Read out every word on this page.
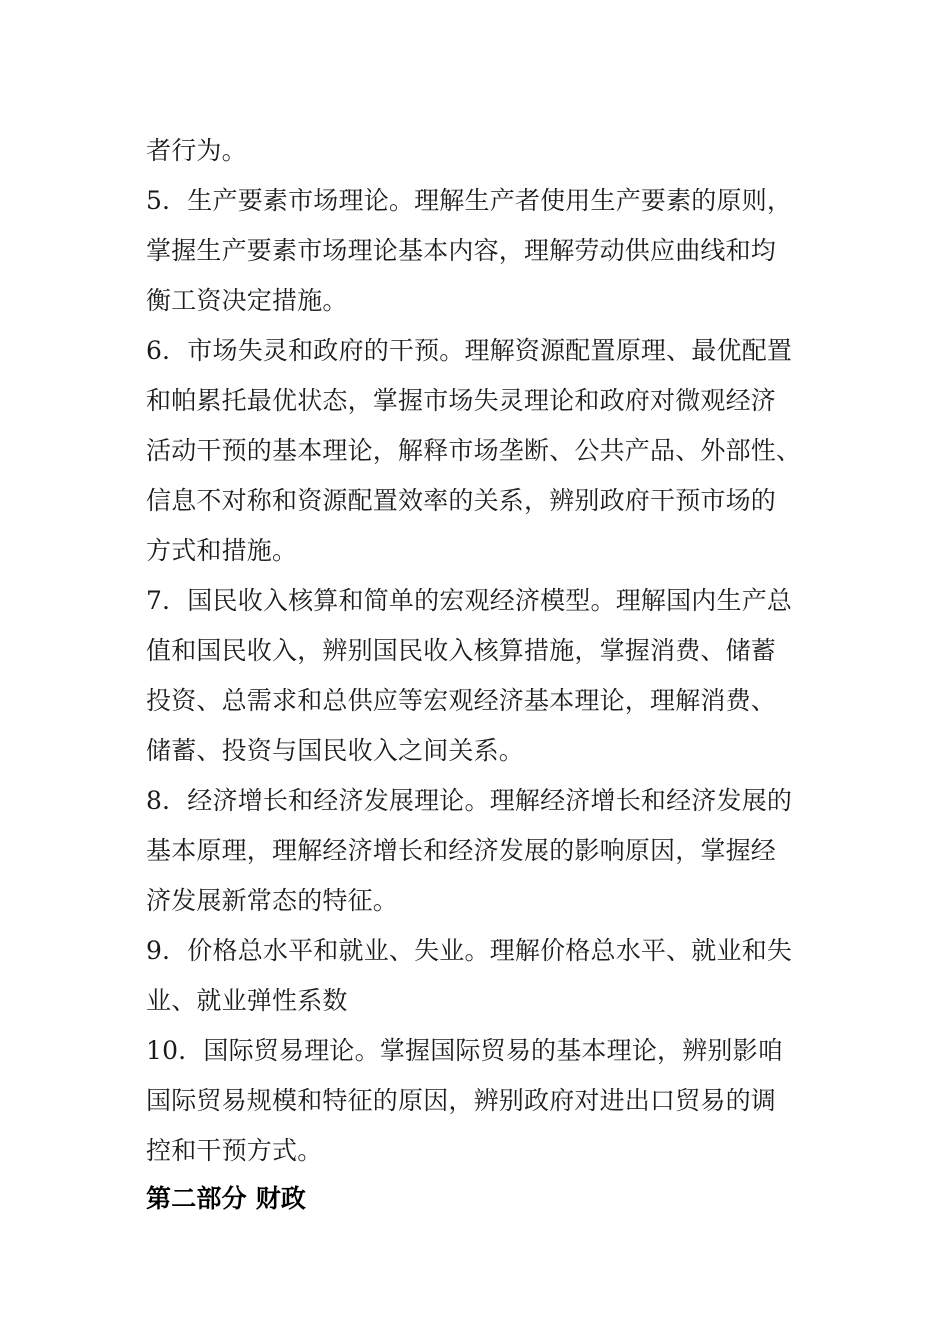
者行为。

5．生产要素市场理论。理解生产者使用生产要素的原则，

掌握生产要素市场理论基本内容，理解劳动供应曲线和均

衡工资决定措施。

6．市场失灵和政府的干预。理解资源配置原理、最优配置

和帕累托最优状态，掌握市场失灵理论和政府对微观经济

活动干预的基本理论，解释市场垄断、公共产品、外部性、

信息不对称和资源配置效率的关系，辨别政府干预市场的

方式和措施。

7．国民收入核算和简单的宏观经济模型。理解国内生产总

值和国民收入，辨别国民收入核算措施，掌握消费、储蓄

投资、总需求和总供应等宏观经济基本理论，理解消费、

储蓄、投资与国民收入之间关系。

8．经济增长和经济发展理论。理解经济增长和经济发展的

基本原理，理解经济增长和经济发展的影响原因，掌握经

济发展新常态的特征。

9．价格总水平和就业、失业。理解价格总水平、就业和失

业、就业弹性系数

10．国际贸易理论。掌握国际贸易的基本理论，辨别影咱

国际贸易规模和特征的原因，辨别政府对进出口贸易的调

控和干预方式。

第二部分 财政
